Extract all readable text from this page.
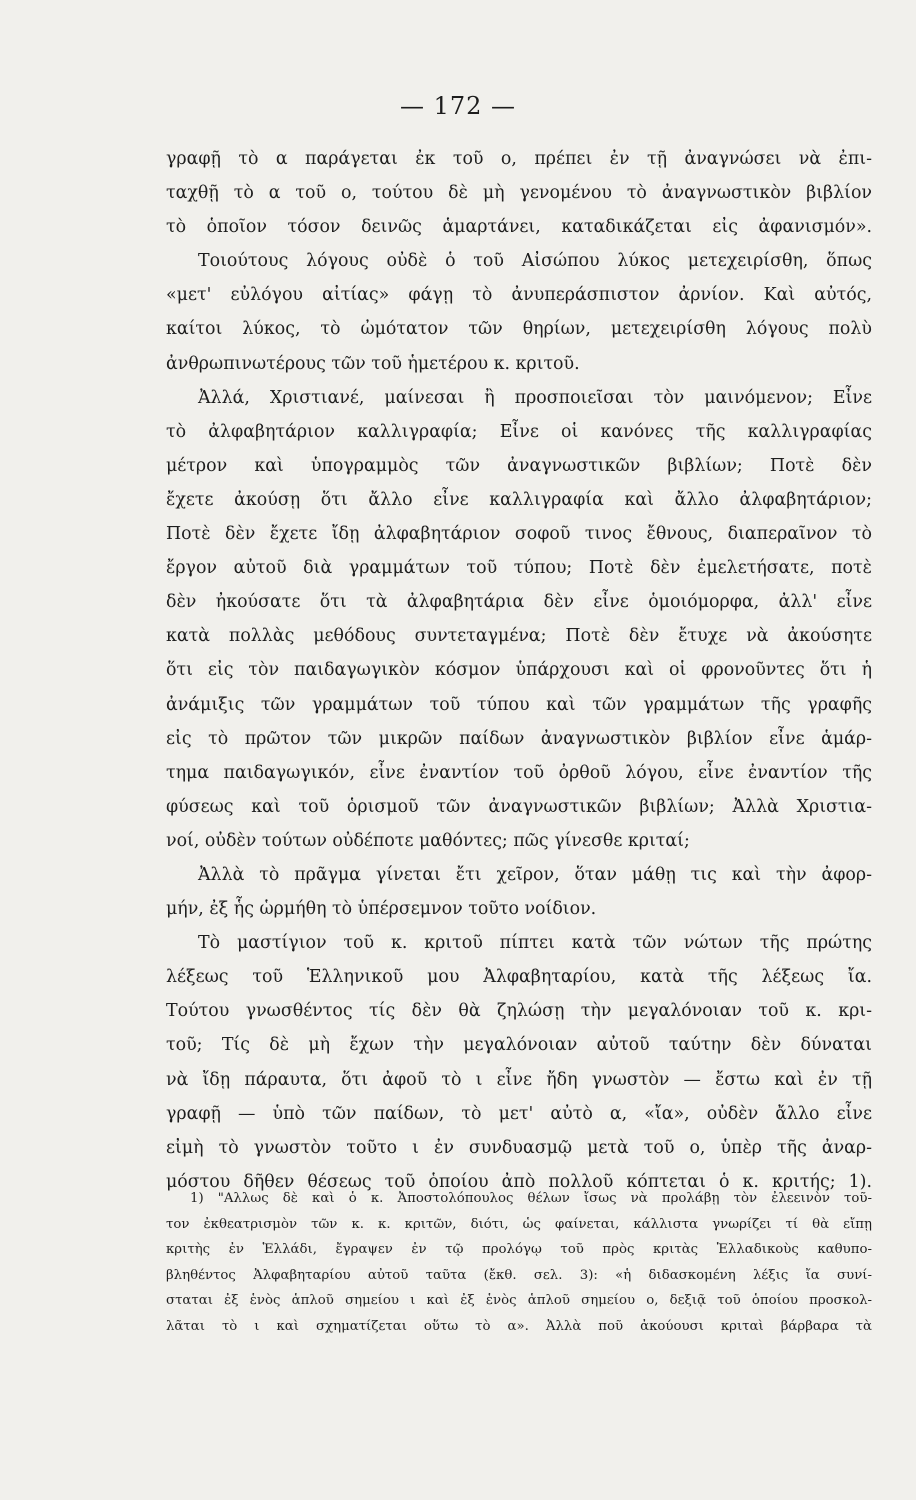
— 172 —
γραφῇ τὸ α παράγεται ἐκ τοῦ ο, πρέπει ἐν τῇ ἀναγνώσει νὰ ἐπι-
ταχθῇ τὸ α τοῦ ο, τούτου δὲ μὴ γενομένου τὸ ἀναγνωστικὸν βιβλίον
τὸ ὁποῖον τόσον δεινῶς ἁμαρτάνει, καταδικάζεται εἰς ἀφανισμόν».
Τοιούτους λόγους οὐδὲ ὁ τοῦ Αἰσώπου λύκος μετεχειρίσθη, ὅπως
«μετ' εὐλόγου αἰτίας» φάγῃ τὸ ἀνυπεράσπιστον ἀρνίον. Καὶ αὐτός,
καίτοι λύκος, τὸ ὠμότατον τῶν θηρίων, μετεχειρίσθη λόγους πολὺ
ἀνθρωπινωτέρους τῶν τοῦ ἡμετέρου κ. κριτοῦ.
Ἀλλά, Χριστιανέ, μαίνεσαι ἢ προσποιεῖσαι τὸν μαινόμενον; Εἶνε
τὸ ἀλφαβητάριον καλλιγραφία; Εἶνε οἱ κανόνες τῆς καλλιγραφίας
μέτρον καὶ ὑπογραμμὸς τῶν ἀναγνωστικῶν βιβλίων; Ποτὲ δὲν
ἔχετε ἀκούσῃ ὅτι ἄλλο εἶνε καλλιγραφία καὶ ἄλλο ἀλφαβητάριον;
Ποτὲ δὲν ἔχετε ἴδῃ ἀλφαβητάριον σοφοῦ τινος ἔθνους, διαπεραῖνον τὸ
ἔργον αὐτοῦ διὰ γραμμάτων τοῦ τύπου; Ποτὲ δὲν ἐμελετήσατε, ποτὲ
δὲν ἠκούσατε ὅτι τὰ ἀλφαβητάρια δὲν εἶνε ὁμοιόμορφα, ἀλλ' εἶνε
κατὰ πολλὰς μεθόδους συντεταγμένα; Ποτὲ δὲν ἔτυχε νὰ ἀκούσητε
ὅτι εἰς τὸν παιδαγωγικὸν κόσμον ὑπάρχουσι καὶ οἱ φρονοῦντες ὅτι ἡ
ἀνάμιξις τῶν γραμμάτων τοῦ τύπου καὶ τῶν γραμμάτων τῆς γραφῆς
εἰς τὸ πρῶτον τῶν μικρῶν παίδων ἀναγνωστικὸν βιβλίον εἶνε ἁμάρ-
τημα παιδαγωγικόν, εἶνε ἐναντίον τοῦ ὀρθοῦ λόγου, εἶνε ἐναντίον τῆς
φύσεως καὶ τοῦ ὁρισμοῦ τῶν ἀναγνωστικῶν βιβλίων; Ἀλλὰ Χριστια-
νοί, οὐδὲν τούτων οὐδέποτε μαθόντες; πῶς γίνεσθε κριταί;
Ἀλλὰ τὸ πρᾶγμα γίνεται ἔτι χεῖρον, ὅταν μάθῃ τις καὶ τὴν ἀφορ-
μήν, ἐξ ἧς ὡρμήθη τὸ ὑπέρσεμνον τοῦτο νοίδιον.
Τὸ μαστίγιον τοῦ κ. κριτοῦ πίπτει κατὰ τῶν νώτων τῆς πρώτης
λέξεως τοῦ Ἑλληνικοῦ μου Ἀλφαβηταρίου, κατὰ τῆς λέξεως ἴα.
Τούτου γνωσθέντος τίς δὲν θὰ ζηλώσῃ τὴν μεγαλόνοιαν τοῦ κ. κρι-
τοῦ; Τίς δὲ μὴ ἔχων τὴν μεγαλόνοιαν αὐτοῦ ταύτην δὲν δύναται
νὰ ἴδῃ πάραυτα, ὅτι ἀφοῦ τὸ ι εἶνε ἤδη γνωστὸν — ἔστω καὶ ἐν τῇ
γραφῇ — ὑπὸ τῶν παίδων, τὸ μετ' αὐτὸ α, «ἴα», οὐδὲν ἄλλο εἶνε
εἰμὴ τὸ γνωστὸν τοῦτο ι ἐν συνδυασμῷ μετὰ τοῦ ο, ὑπὲρ τῆς ἀναρ-
μόστου δῆθεν θέσεως τοῦ ὁποίου ἀπὸ πολλοῦ κόπτεται ὁ κ. κριτής; 1).
1) "Αλλως δὲ καὶ ὁ κ. Ἀποστολόπουλος θέλων ἴσως νὰ προλάβῃ τὸν ἐλεεινὸν τοῦ-
τον ἐκθεατρισμὸν τῶν κ. κ. κριτῶν, διότι, ὡς φαίνεται, κάλλιστα γνωρίζει τί θὰ εἴπῃ
κριτὴς ἐν Ἑλλάδι, ἔγραψεν ἐν τῷ προλόγῳ τοῦ πρὸς κριτὰς Ἑλλαδικοὺς καθυπο-
βληθέντος Ἀλφαβηταρίου αὐτοῦ ταῦτα (ἔκθ. σελ. 3): «ἡ διδασκομένη λέξις ἴα συνί-
σταται ἐξ ἑνὸς ἁπλοῦ σημείου ι καὶ ἐξ ἑνὸς ἁπλοῦ σημείου ο, δεξιᾷ τοῦ ὁποίου προσκολ-
λᾶται τὸ ι καὶ σχηματίζεται οὕτω τὸ α». Ἀλλὰ ποῦ ἀκούουσι κριταὶ βάρβαρα τὰ
